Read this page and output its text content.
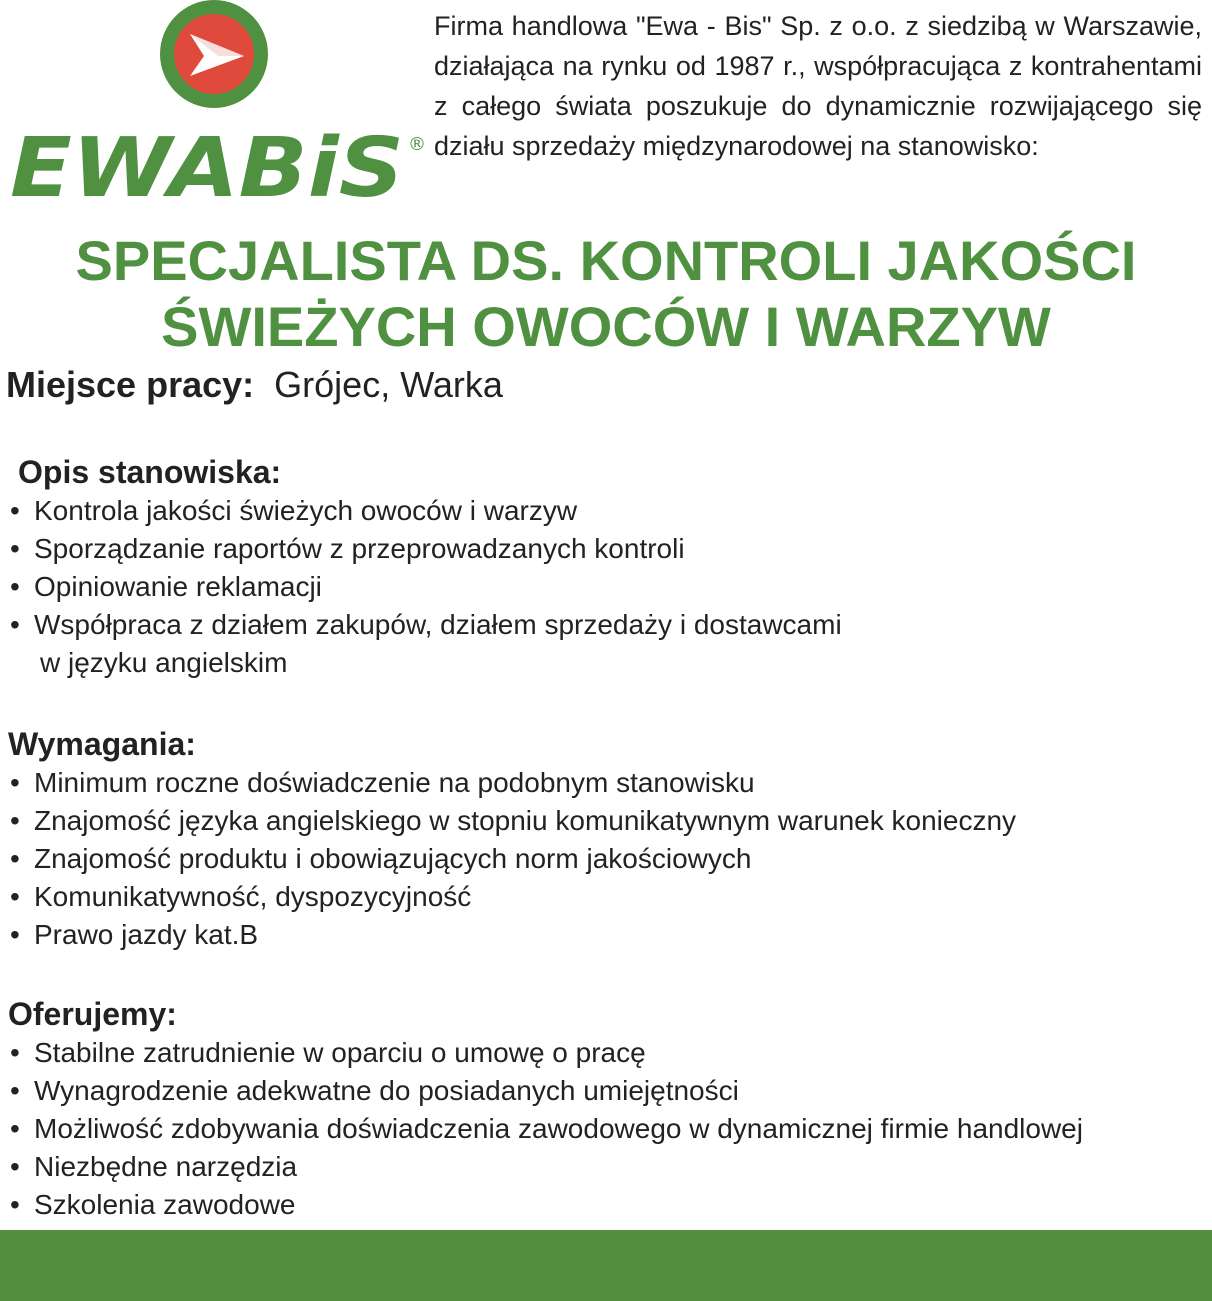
EWABiS ®
Firma handlowa "Ewa - Bis" Sp. z o.o. z siedzibą w Warszawie, działająca na rynku od 1987 r., współpracująca z kontrahentami z całego świata poszukuje do dynamicznie rozwijającego się działu sprzedaży międzynarodowej na stanowisko:
SPECJALISTA DS. KONTROLI JAKOŚCI
ŚWIEŻYCH OWOCÓW I WARZYW
Miejsce pracy: Grójec, Warka
Opis stanowiska:
• Kontrola jakości świeżych owoców i warzyw
• Sporządzanie raportów z przeprowadzanych kontroli
• Opiniowanie reklamacji
• Współpraca z działem zakupów, działem sprzedaży i dostawcami
w języku angielskim
Wymagania:
• Minimum roczne doświadczenie na podobnym stanowisku
• Znajomość języka angielskiego w stopniu komunikatywnym warunek konieczny
• Znajomość produktu i obowiązujących norm jakościowych
• Komunikatywność, dyspozycyjność
• Prawo jazdy kat.B
Oferujemy:
• Stabilne zatrudnienie w oparciu o umowę o pracę
• Wynagrodzenie adekwatne do posiadanych umiejętności
• Możliwość zdobywania doświadczenia zawodowego w dynamicznej firmie handlowej
• Niezbędne narzędzia
• Szkolenia zawodowe
